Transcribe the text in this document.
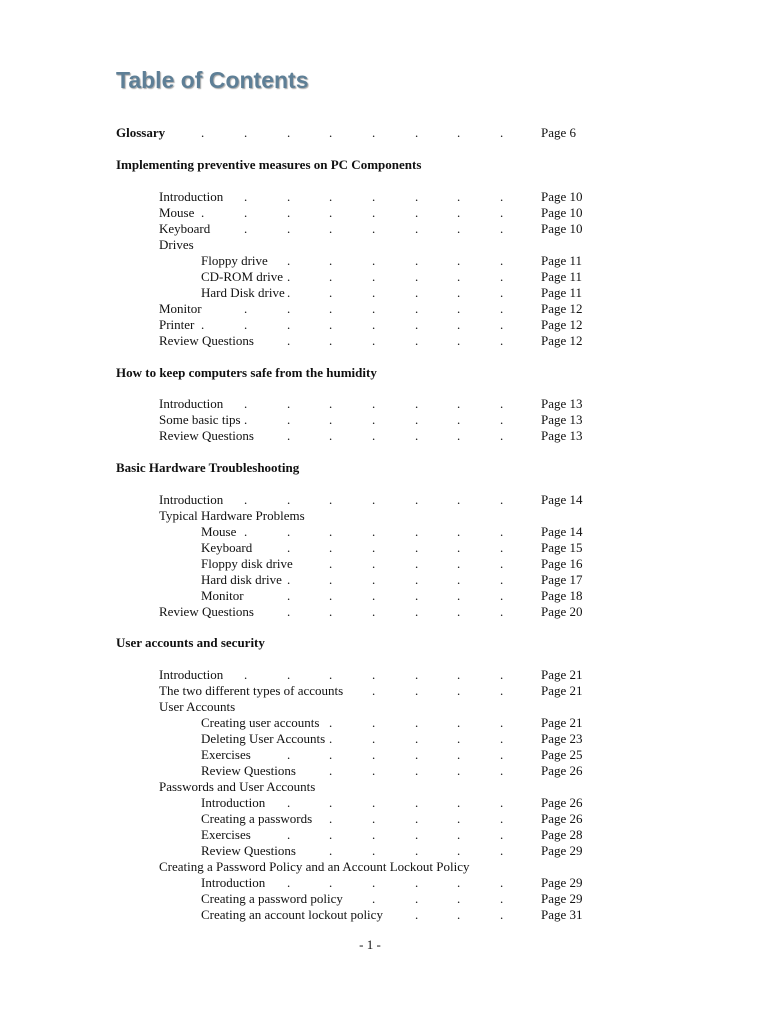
Table of Contents
Glossary	.	.	.	.	.	.	.	.	Page 6
Implementing preventive measures on PC Components
Introduction .	.	.	.	.	.	.	Page 10
Mouse .	.	.	.	.	.	.	.	Page 10
Keyboard	.	.	.	.	.	.	.	Page 10
Drives
Floppy drive .	.	.	.	.	.	Page 11
CD-ROM drive .	.	.	.	.	.	Page 11
Hard Disk drive .	.	.	.	.	.	Page 11
Monitor	.	.	.	.	.	.	.	Page 12
Printer .	.	.	.	.	.	.	.	Page 12
Review Questions	.	.	.	.	.	.	Page 12
How to keep computers safe from the humidity
Introduction .	.	.	.	.	.	.	Page 13
Some basic tips .	.	.	.	.	.	.	Page 13
Review Questions	.	.	.	.	.	.	Page 13
Basic Hardware Troubleshooting
Introduction .	.	.	.	.	.	.	Page 14
Typical Hardware Problems
Mouse .	.	.	.	.	.	.	Page 14
Keyboard	.	.	.	.	.	.	Page 15
Floppy disk drive	.	.	.	.	.	Page 16
Hard disk drive .	.	.	.	.	.	Page 17
Monitor	.	.	.	.	.	.	Page 18
Review Questions	.	.	.	.	.	.	Page 20
User accounts and security
Introduction .	.	.	.	.	.	.	Page 21
The two different types of accounts .	.	.	.	Page 21
User Accounts
Creating user accounts .	.	.	.	.	Page 21
Deleting User Accounts .	.	.	.	.	Page 23
Exercises	.	.	.	.	.	.	Page 25
Review Questions	.	.	.	.	.	Page 26
Passwords and User Accounts
Introduction .	.	.	.	.	.	Page 26
Creating a passwords .	.	.	.	.	Page 26
Exercises	.	.	.	.	.	.	Page 28
Review Questions	.	.	.	.	.	Page 29
Creating a Password Policy and an Account Lockout Policy
Introduction .	.	.	.	.	.	Page 29
Creating a password policy .	.	.	.	Page 29
Creating an account lockout policy .	.	.	Page 31
- 1 -
